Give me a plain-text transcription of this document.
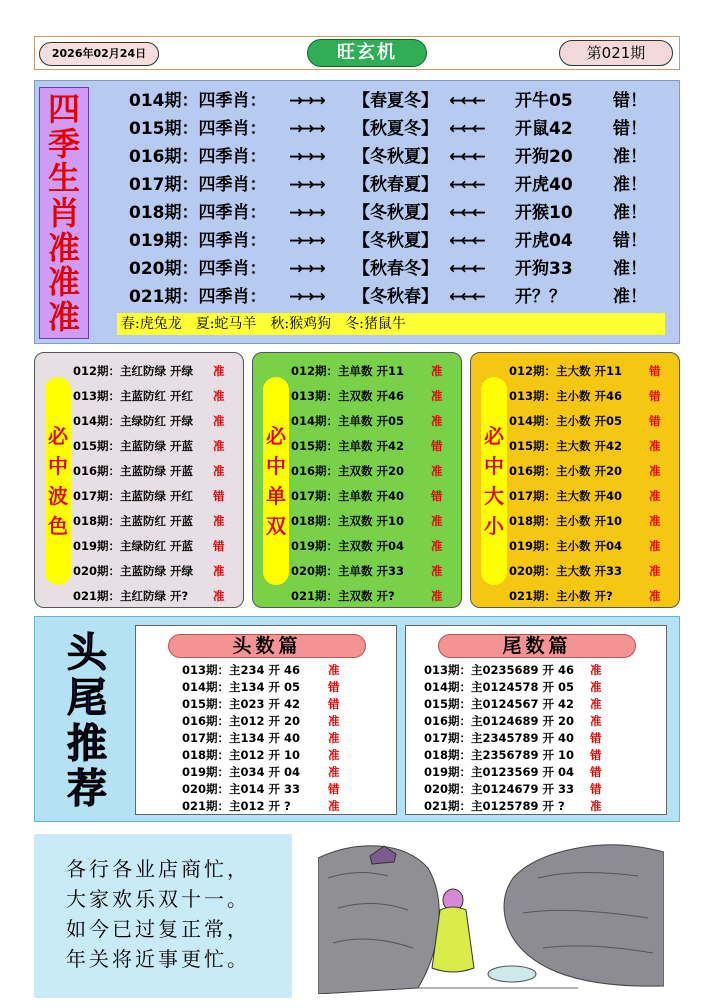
2026年02月24日	旺玄机	第021期
四
季
生
肖
准
准
准
014期：四季肖：	→→→	【春夏冬】 ←←←	开牛05	错！
015期：四季肖：	→→→	【秋夏冬】 ←←←	开鼠42	错！
016期：四季肖：	→→→	【冬秋夏】 ←←←	开狗20	准！
017期：四季肖：	→→→	【秋春夏】 ←←←	开虎40	准！
018期：四季肖：	→→→	【冬秋夏】 ←←←	开猴10	准！
019期：四季肖：	→→→	【冬秋夏】 ←←←	开虎04	错！
020期：四季肖：	→→→	【秋春冬】 ←←←	开狗33	准！
021期：四季肖：	→→→	【冬秋春】 ←←←	开？？	准！
春:虎兔龙 夏:蛇马羊 秋:猴鸡狗 冬:猪鼠牛
必
中
波
色
012期：主红防绿 开绿	准
013期：主蓝防红 开红	准
014期：主绿防红 开绿	准
015期：主蓝防绿 开蓝	准
016期：主蓝防绿 开蓝	准
017期：主蓝防绿 开红	错
018期：主蓝防红 开蓝	准
019期：主绿防红 开蓝	错
020期：主蓝防绿 开绿	准
021期：主红防绿 开?	准
必
中
单
双
012期：主单数 开11	准
013期：主双数 开46	准
014期：主单数 开05	准
015期：主单数 开42	错
016期：主双数 开20	准
017期：主单数 开40	错
018期：主双数 开10	准
019期：主双数 开04	准
020期：主单数 开33	准
021期：主双数 开?	准
必
中
大
小
012期：主大数 开11	错
013期：主小数 开46	错
014期：主小数 开05	错
015期：主大数 开42	准
016期：主小数 开20	准
017期：主大数 开40	准
018期：主小数 开10	准
019期：主小数 开04	准
020期：主大数 开33	准
021期：主小数 开?	准
头
尾
推
荐
头数篇
013期：主234 开 46	准
014期：主134 开 05	错
015期：主023 开 42	错
016期：主012 开 20	准
017期：主134 开 40	准
018期：主012 开 10	准
019期：主034 开 04	准
020期：主014 开 33	错
021期：主012 开 ?	准
尾数篇
013期：主0235689 开 46	准
014期：主0124578 开 05	准
015期：主0124567 开 42	准
016期：主0124689 开 20	准
017期：主2345789 开 40	错
018期：主2356789 开 10	错
019期：主0123569 开 04	错
020期：主0124679 开 33	错
021期：主0125789 开 ?	准
各行各业店商忙，
大家欢乐双十一。
如今已过复正常，
年关将近事更忙。
